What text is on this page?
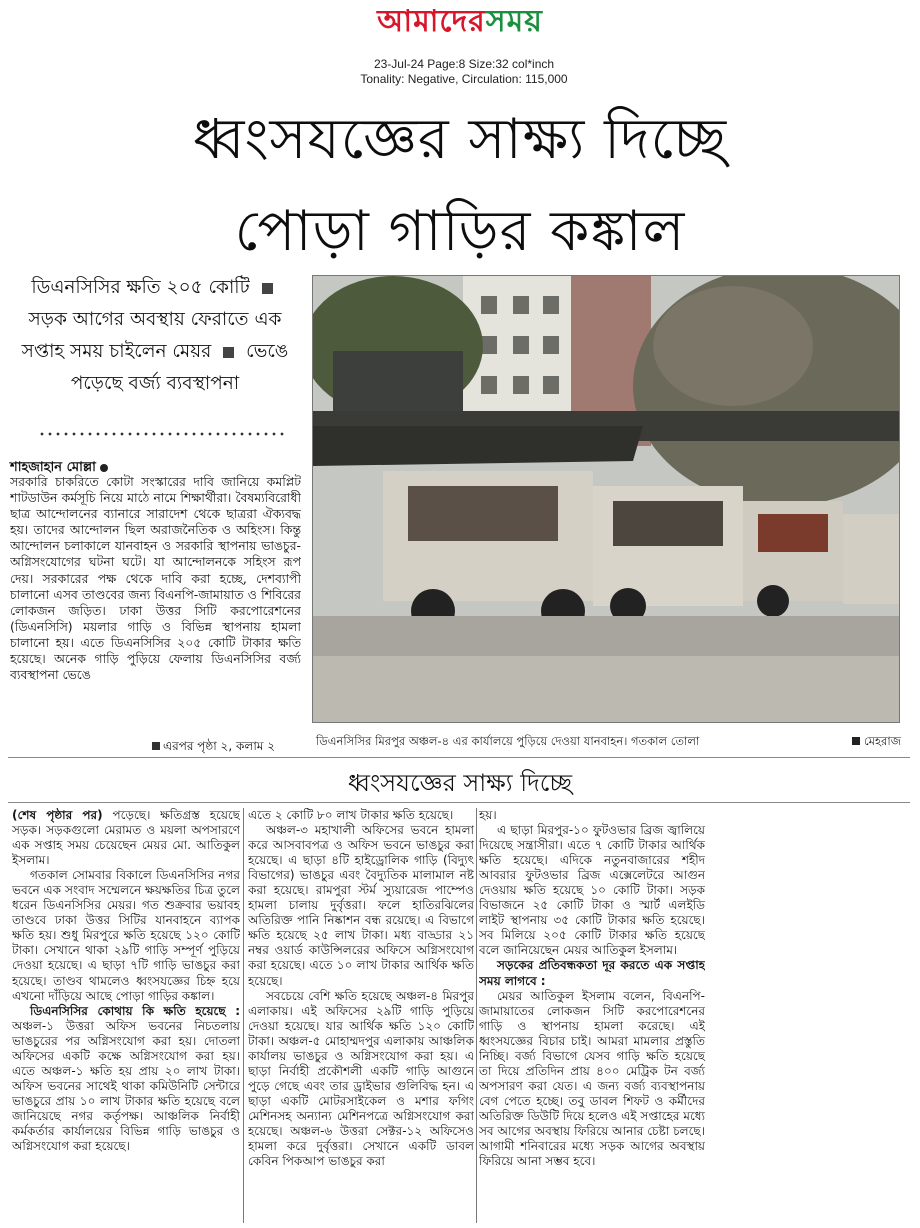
আমাদেরসময়
23-Jul-24 Page:8 Size:32 col*inch
Tonality: Negative, Circulation: 115,000
ধ্বংসযজ্ঞের সাক্ষ্য দিচ্ছে
পোড়া গাড়ির কঙ্কাল
ডিএনসিসির ক্ষতি ২০৫ কোটি  সড়ক আগের অবস্থায় ফেরাতে এক সপ্তাহ সময় চাইলেন মেয়র ভেঙে পড়েছে বর্জ্য ব্যবস্থাপনা
শাহজাহান মোল্লা
সরকারি চাকরিতে কোটা সংস্কারের দাবি জানিয়ে কমপ্লিট শাটডাউন কর্মসূচি নিয়ে মাঠে নামে শিক্ষার্থীরা। বৈষম্যবিরোধী ছাত্র আন্দোলনের ব্যানারে সারাদেশ থেকে ছাত্ররা ঐক্যবদ্ধ হয়। তাদের আন্দোলন ছিল অরাজনৈতিক ও অহিংস। কিন্তু আন্দোলন চলাকালে যানবাহন ও সরকারি স্থাপনায় ভাঙচুর-অগ্নিসংযোগের ঘটনা ঘটে। যা আন্দোলনকে সহিংস রূপ দেয়। সরকারের পক্ষ থেকে দাবি করা হচ্ছে, দেশব্যাপী চালানো এসব তাণ্ডবের জন্য বিএনপি-জামায়াত ও শিবিরের লোকজন জড়িত। ঢাকা উত্তর সিটি করপোরেশনের (ডিএনসিসি) ময়লার গাড়ি ও বিভিন্ন স্থাপনায় হামলা চালানো হয়। এতে ডিএনসিসির ২০৫ কোটি টাকার ক্ষতি হয়েছে। অনেক গাড়ি পুড়িয়ে ফেলায় ডিএনসিসির বর্জ্য ব্যবস্থাপনা ভেঙে
এরপর পৃষ্ঠা ২, কলাম ২	ডিএনসিসির মিরপুর অঞ্চল-৪ এর কার্যালয়ে পুড়িয়ে দেওয়া যানবাহন। গতকাল তোলা	মেহরাজ
ধ্বংসযজ্ঞের সাক্ষ্য দিচ্ছে
(শেষ পৃষ্ঠার পর) পড়েছে। ক্ষতিগ্রস্ত হয়েছে সড়ক। সড়কগুলো মেরামত ও ময়লা অপসারণে এক সপ্তাহ সময় চেয়েছেন মেয়র মো. আতিকুল ইসলাম।
গতকাল সোমবার বিকালে ডিএনসিসির নগর ভবনে এক সংবাদ সম্মেলনে ক্ষয়ক্ষতির চিত্র তুলে ধরেন ডিএনসিসির মেয়র। গত শুক্রবার ভয়াবহ তাণ্ডবে ঢাকা উত্তর সিটির যানবাহনে ব্যাপক ক্ষতি হয়। শুধু মিরপুরে ক্ষতি হয়েছে ১২০ কোটি টাকা। সেখানে থাকা ২৯টি গাড়ি সম্পূর্ণ পুড়িয়ে দেওয়া হয়েছে। এ ছাড়া ৭টি গাড়ি ভাঙচুর করা হয়েছে। তাণ্ডব থামলেও ধ্বংসযজ্ঞের চিহ্ন হয়ে এখনো দাঁড়িয়ে আছে পোড়া গাড়ির কঙ্কাল।
ডিএনসিসির কোথায় কি ক্ষতি হয়েছে : অঞ্চল-১ উত্তরা অফিস ভবনের নিচতলায় ভাঙচুরের পর অগ্নিসংযোগ করা হয়। দোতলা অফিসের একটি কক্ষে অগ্নিসংযোগ করা হয়। এতে অঞ্চল-১ ক্ষতি হয় প্রায় ২০ লাখ টাকা। অফিস ভবনের সাথেই থাকা কমিউনিটি সেন্টারে ভাঙচুরে প্রায় ১০ লাখ টাকার ক্ষতি হয়েছে বলে জানিয়েছে নগর কর্তৃপক্ষ। আঞ্চলিক নির্বাহী কর্মকর্তার কার্যালয়ের বিভিন্ন গাড়ি ভাঙচুর ও অগ্নিসংযোগ করা হয়েছে।
এতে ২ কোটি ৮০ লাখ টাকার ক্ষতি হয়েছে।
অঞ্চল-৩ মহাখালী অফিসের ভবনে হামলা করে আসবাবপত্র ও অফিস ভবনে ভাঙচুর করা হয়েছে। এ ছাড়া ৪টি হাইড্রোলিক গাড়ি (বিদ্যুৎ বিভাগের) ভাঙচুর এবং বৈদ্যুতিক মালামাল নষ্ট করা হয়েছে। রামপুরা স্টর্ম স্যুয়ারেজ পাম্পেও হামলা চালায় দুর্বৃত্তরা। ফলে হাতিরঝিলের অতিরিক্ত পানি নিষ্কাশন বন্ধ রয়েছে। এ বিভাগে ক্ষতি হয়েছে ২৫ লাখ টাকা। মধ্য বাড্ডার ২১ নম্বর ওয়ার্ড কাউন্সিলরের অফিসে অগ্নিসংযোগ করা হয়েছে। এতে ১০ লাখ টাকার আর্থিক ক্ষতি হয়েছে।
সবচেয়ে বেশি ক্ষতি হয়েছে অঞ্চল-৪ মিরপুর এলাকায়। এই অফিসের ২৯টি গাড়ি পুড়িয়ে দেওয়া হয়েছে। যার আর্থিক ক্ষতি ১২০ কোটি টাকা। অঞ্চল-৫ মোহাম্মদপুর এলাকায় আঞ্চলিক কার্যালয় ভাঙচুর ও অগ্নিসংযোগ করা হয়। এ ছাড়া নির্বাহী প্রকৌশলী একটি গাড়ি আগুনে পুড়ে গেছে এবং তার ড্রাইভার গুলিবিদ্ধ হন। এ ছাড়া একটি মোটরসাইকেল ও মশার ফগিং মেশিনসহ অন্যান্য মেশিনপত্রে অগ্নিসংযোগ করা হয়েছে। অঞ্চল-৬ উত্তরা সেক্টর-১২ অফিসেও হামলা করে দুর্বৃত্তরা। সেখানে একটি ডাবল কেবিন পিকআপ ভাঙচুর করা
হয়।
এ ছাড়া মিরপুর-১০ ফুটওভার ব্রিজ জ্বালিয়ে দিয়েছে সন্ত্রাসীরা। এতে ৭ কোটি টাকার আর্থিক ক্ষতি হয়েছে। এদিকে নতুনবাজারের শহীদ আবরার ফুটওভার ব্রিজ এক্সেলেটরে আগুন দেওয়ায় ক্ষতি হয়েছে ১০ কোটি টাকা। সড়ক বিভাজনে ২৫ কোটি টাকা ও স্মার্ট এলইডি লাইট স্থাপনায় ৩৫ কোটি টাকার ক্ষতি হয়েছে। সব মিলিয়ে ২০৫ কোটি টাকার ক্ষতি হয়েছে বলে জানিয়েছেন মেয়র আতিকুল ইসলাম।
সড়কের প্রতিবন্ধকতা দূর করতে এক সপ্তাহ সময় লাগবে :
মেয়র আতিকুল ইসলাম বলেন, বিএনপি-জামায়াতের লোকজন সিটি করপোরেশনের গাড়ি ও স্থাপনায় হামলা করেছে। এই ধ্বংসযজ্ঞের বিচার চাই। আমরা মামলার প্রস্তুতি নিচ্ছি। বর্জ্য বিভাগে যেসব গাড়ি ক্ষতি হয়েছে তা দিয়ে প্রতিদিন প্রায় ৪০০ মেট্রিক টন বর্জ্য অপসারণ করা যেত। এ জন্য বর্জ্য ব্যবস্থাপনায় বেগ পেতে হচ্ছে। তবু ডাবল শিফট ও কর্মীদের অতিরিক্ত ডিউটি দিয়ে হলেও এই সপ্তাহের মধ্যে সব আগের অবস্থায় ফিরিয়ে আনার চেষ্টা চলছে। আগামী শনিবারের মধ্যে সড়ক আগের অবস্থায় ফিরিয়ে আনা সম্ভব হবে।
